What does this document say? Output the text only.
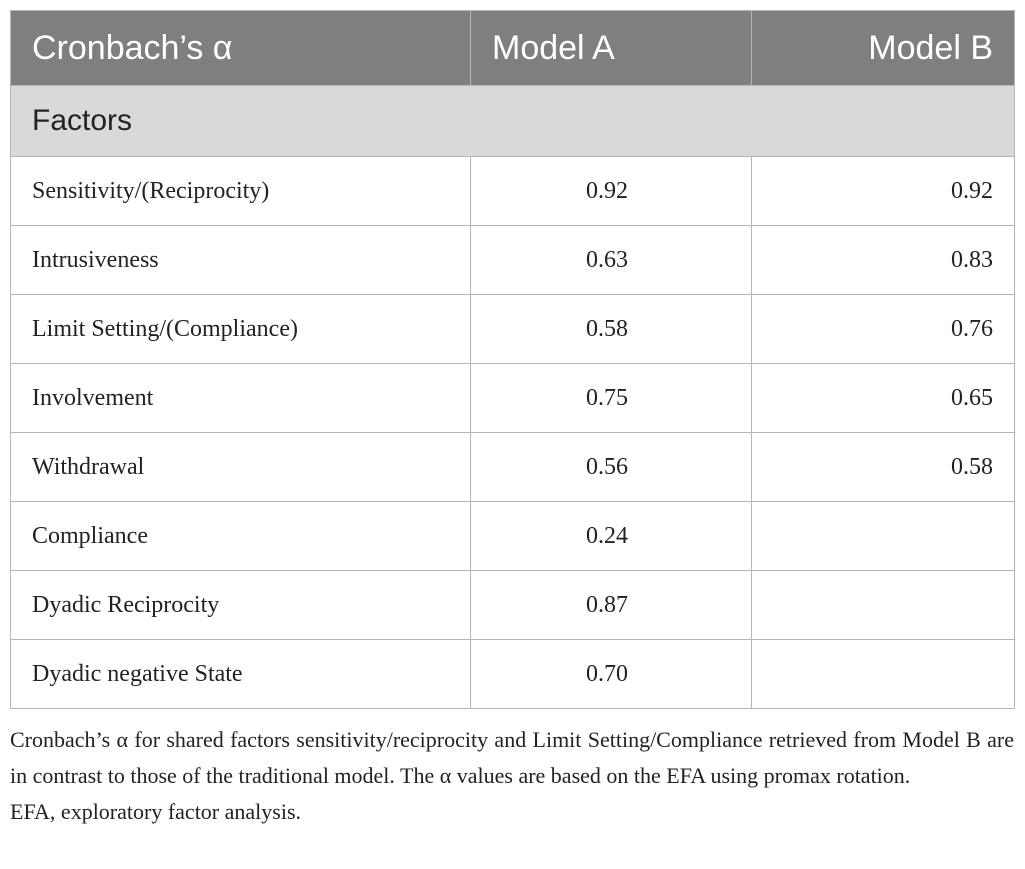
Cronbach’s α	Model A	Model B
Factors		
Sensitivity/(Reciprocity)	0.92	0.92
Intrusiveness	0.63	0.83
Limit Setting/(Compliance)	0.58	0.76
Involvement	0.75	0.65
Withdrawal	0.56	0.58
Compliance	0.24	
Dyadic Reciprocity	0.87	
Dyadic negative State	0.70	

Cronbach’s α for shared factors sensitivity/reciprocity and Limit Setting/Compliance retrieved from Model B are in contrast to those of the traditional model. The α values are based on the EFA using promax rotation.

EFA, exploratory factor analysis.
